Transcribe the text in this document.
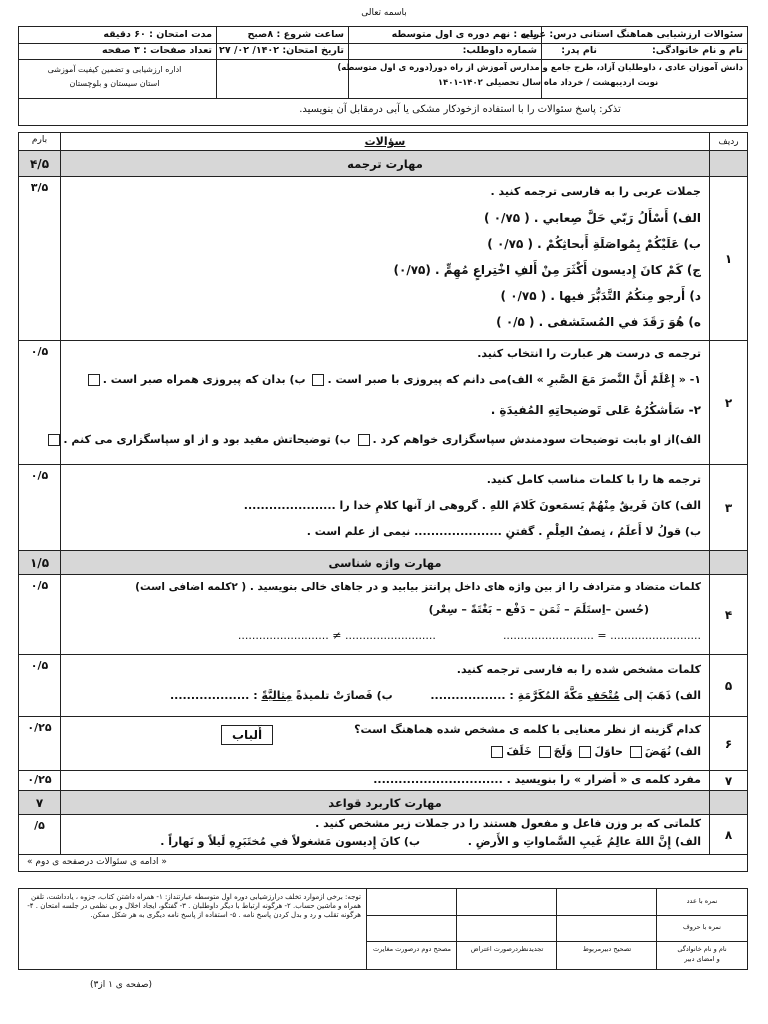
باسمه تعالی
سئوالات ارزشیابی هماهنگ استانی درس: عربی
پایه : نهم دوره ی اول متوسطه
ساعت شروع : ۸صبح
مدت امتحان : ۶۰ دقیقه
نام و نام خانوادگی:
نام پدر:
شماره داوطلب:
تاریخ امتحان: ۱۴۰۲/ ۰۲/ ۲۷
تعداد صفحات : ۳ صفحه
دانش آموزان عادی ، داوطلبان آزاد، طرح جامع و مدارس آموزش از راه دور(دوره ی اول متوسطه)
نوبت اردیبهشت / خرداد ماه سال تحصیلی ۱۴۰۲-۱۴۰۱
اداره ارزشیابی و تضمین کیفیت آموزشی
استان سیستان و بلوچستان
تذکر: پاسخ سئوالات را با استفاده ازخودکار مشکی یا آبی درمقابل آن بنویسید.
ردیف
سؤالات
بارم
مهارت ترجمه
۴/۵
۱
جملات عربی را به فارسی ترجمه کنید .
الف) أَسْأَلُ رَبّي حَلَّ صِعابي . ( ۰/۷۵ )
ب) عَلَيْكُمْ بِمُواصَلَةِ أَبحاثِكُمْ . ( ۰/۷۵ )
ج) كَمْ كانَ إِديسون أَكْثَرَ مِنْ أَلفِ اخْتِراعٍ مُهِمٍّ . (۰/۷۵)
د) أَرجو مِنكُمُ التَّدَبُّرَ فيها . ( ۰/۷۵ )
ه) هُوَ رَقَدَ في المُستَشفى . ( ۰/۵ )
۳/۵
۲
ترجمه ی درست هر عبارت را انتخاب کنید.
۱- « إِعْلَمْ أَنَّ النَّصرَ مَعَ الصَّبرِ » الف)می دانم که پیروزی با صبر است . ب) بدان که پیروزی همراه صبر است .
۲- سَأشكُرُهُ عَلى تَوضيحاتِهِ المُفيدَةِ .
الف)از او بابت توضیحات سودمندش سپاسگزاری خواهم کرد . ب) توضیحاتش مفید بود و از او سپاسگزاری می کنم .
۰/۵
۳
ترجمه ها را با کلمات مناسب کامل کنید.
الف) كانَ فَريقٌ مِنْهُمْ يَسمَعونَ كَلامَ اللهِ . گروهی از آنها کلامِ خدا را ......................
ب) قولُ لا أَعلَمُ ، نِصفُ العِلْمِ . گفتنِ ..................... نیمی از علم است .
۰/۵
مهارت واژه شناسی
۱/۵
۴
کلمات متضاد و مترادف را از بین واژه های داخل پرانتز بیابید و در جاهای خالی بنویسید . ( ۲کلمه اضافی است)
(حُسن –اِستَلَمَ – ثَمَن – دَفْع – بَغْتَةً – سِعْر)
.......................... = ..........................  .......................... ≠ ..........................
۰/۵
۵
کلمات مشخص شده را به فارسی ترجمه کنید.
الف) ذَهَبَ إلى مُتْحَفِ مَكَّةَ المُكَرَّمَةِ : ..................  ب) فَصارَتْ تلميذةً مِثاليَّةً : ...................
۰/۵
۶
کدام گزینه از نظر معنایی با کلمه ی مشخص شده هماهنگ است؟
أَلباب
الف) نُهَضَ حاوَلَ وَلَجَ خَلَفَ
۰/۲۵
۷
مفرد کلمه ی « أضرار » را بنویسید . ...............................
۰/۲۵
مهارت کاربرد قواعد
۷
۸
کلماتی که بر وزن فاعل و مفعول هستند را در جملات زیر مشخص کنید .
الف) إِنَّ اللهَ عالِمُ غَيبِ السَّماواتِ و الأَرضِ .  ب) كانَ إِديسون مَشغولاً في مُختَبَرِهِ لَيلاً و نَهاراً .
/۵
« ادامه ی سئوالات درصفحه ی دوم »
نمره با عدد
نمره با حروف
نام و نام خانوادگی
و امضای دبیر
تصحیح دبیرمربوط
تجدیدنظردرصورت اعتراض
مصحح دوم درصورت مغایرت
توجه: برخی ازموارد تخلف درارزشیابی دوره اول متوسطه عبارتنداز: ۱- همراه داشتن کتاب، جزوه ، یادداشت، تلفن همراه و ماشین حساب. ۲- هرگونه ارتباط با دیگر داوطلبان . ۳- گفتگو، ایجاد اخلال و بی نظمی در جلسه امتحان . ۴- هرگونه تقلب و رد و بدل کردن پاسخ نامه . ۵- استفاده از پاسخ نامه دیگری به هر شکل ممکن.
(صفحه ی ۱ از۳)
